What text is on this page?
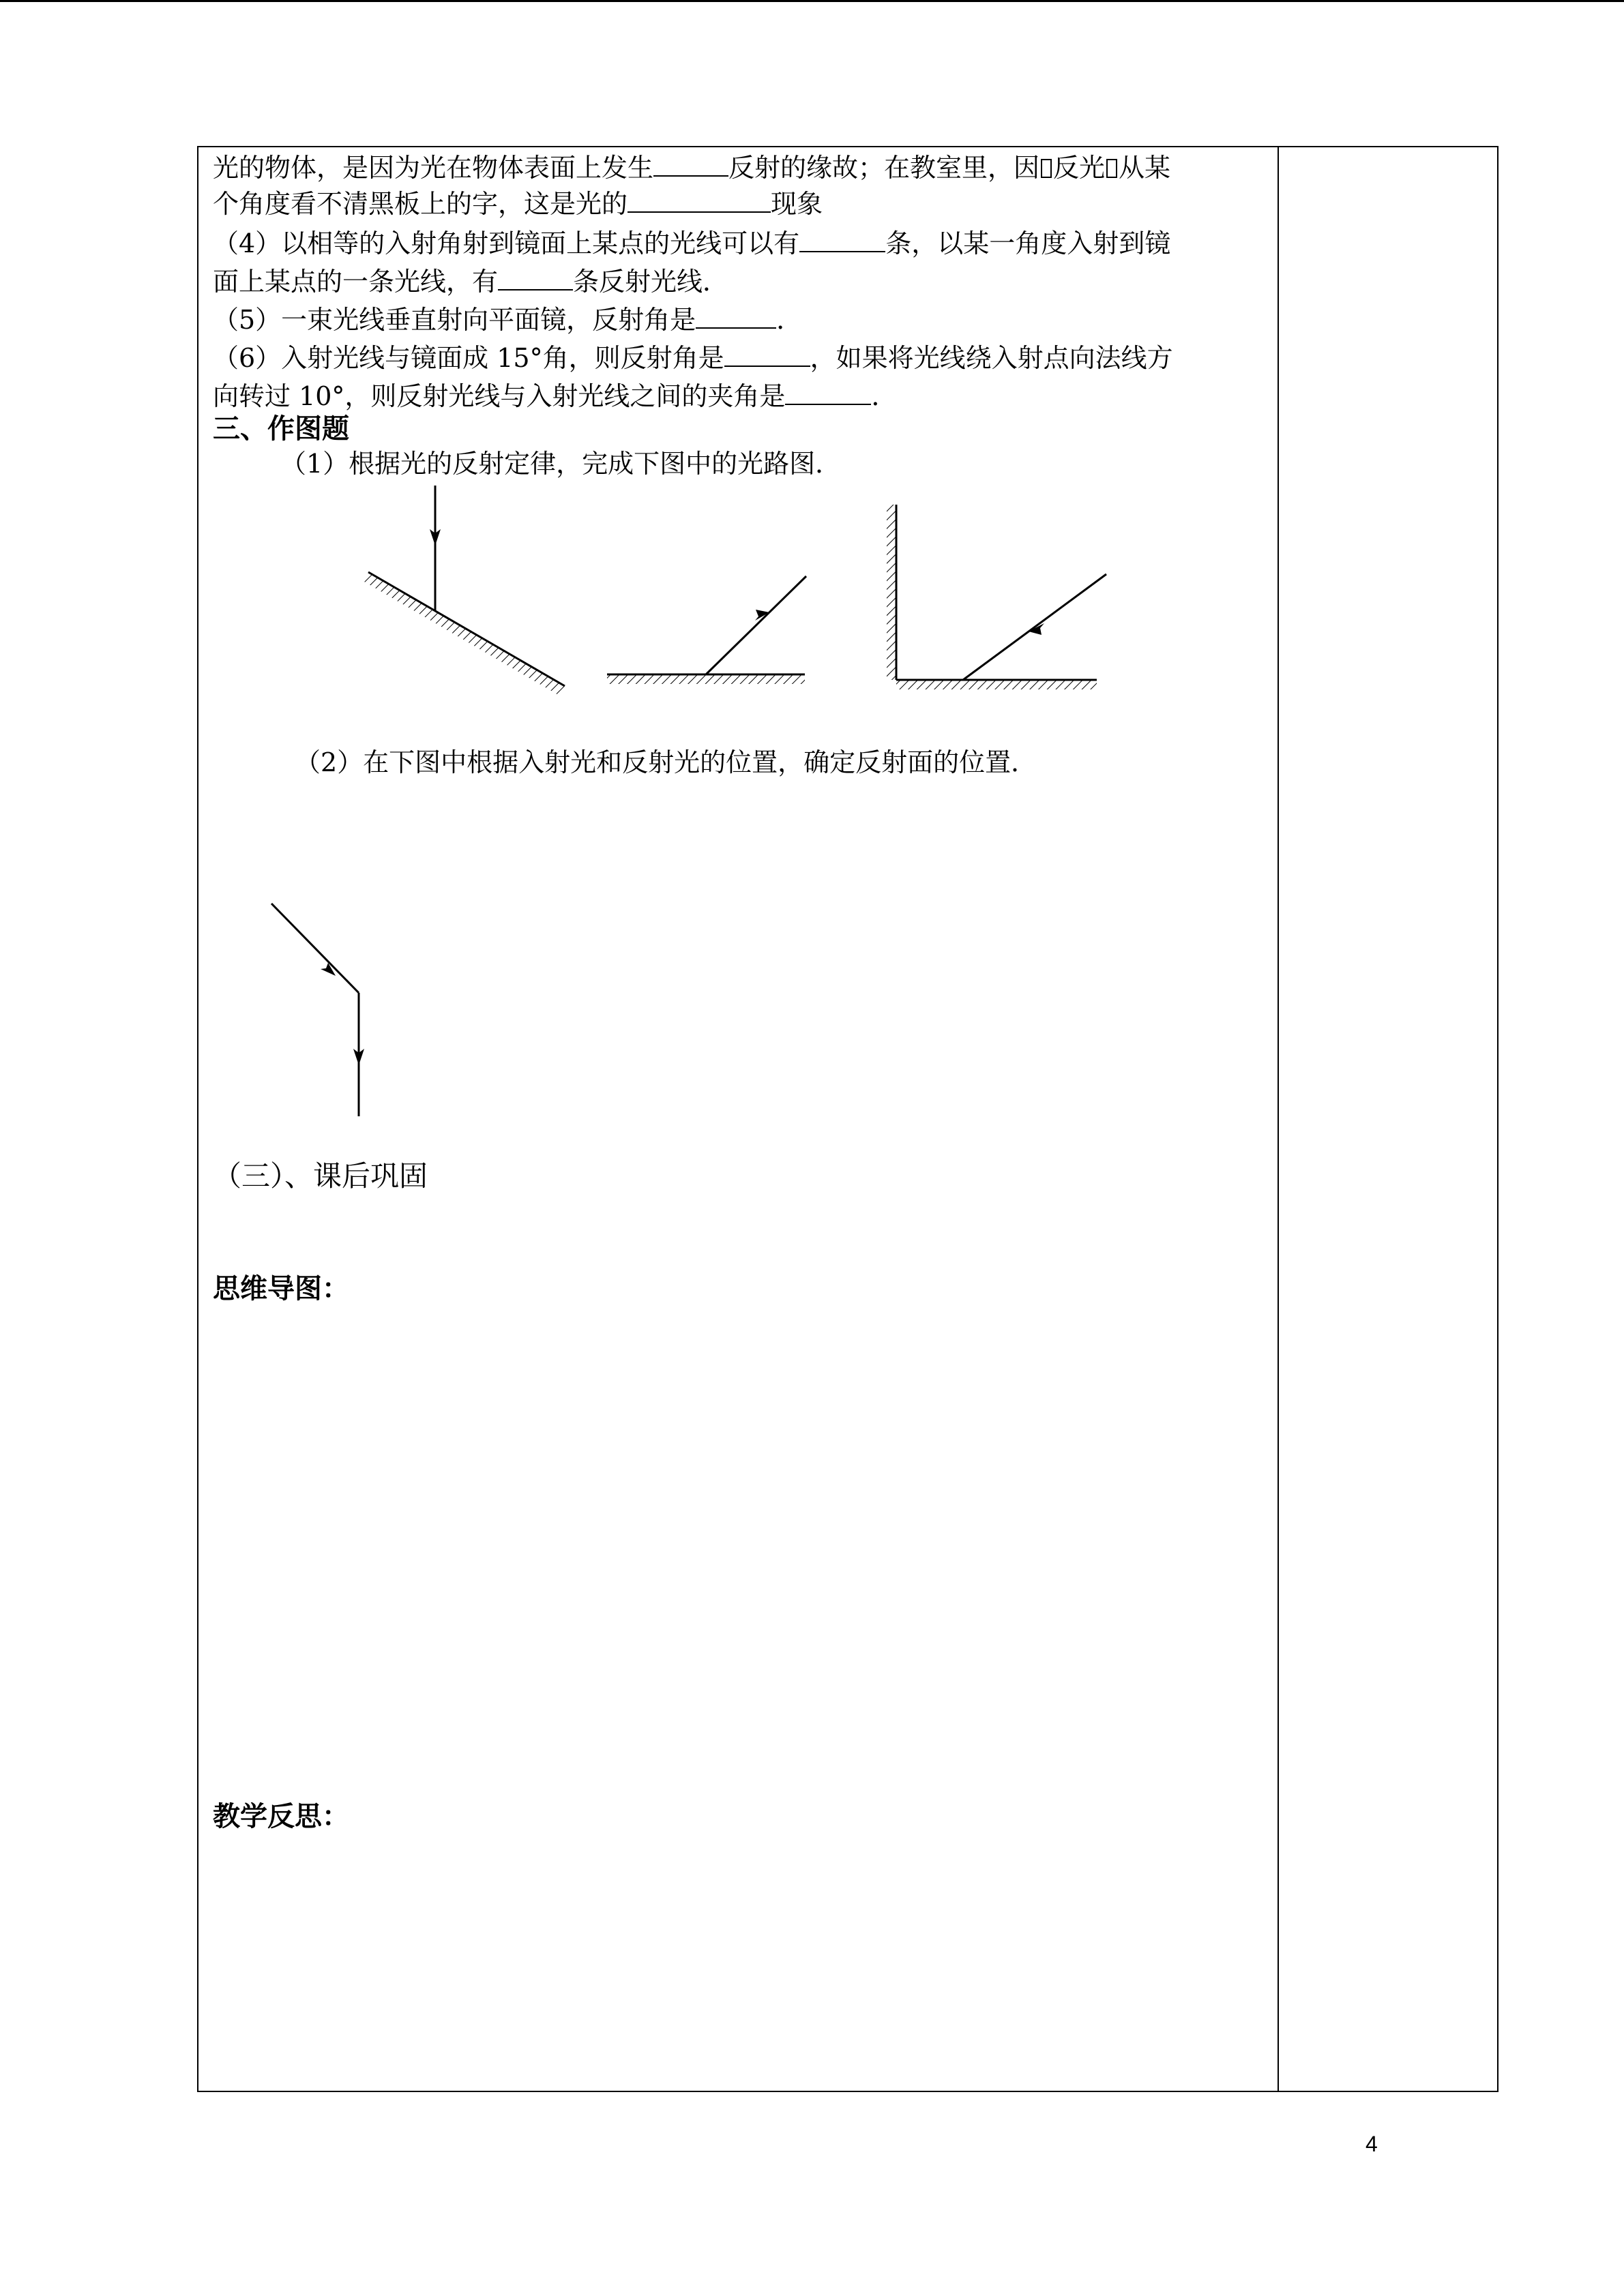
光的物体，是因为光在物体表面上发生	反射的缘故；在教室里，因 反光 从某
个角度看不清黑板上的字，这是光的	现象
（4）以相等的入射角射到镜面上某点的光线可以有	条，以某一角度入射到镜
面上某点的一条光线，有	条反射光线．
（5）一束光线垂直射向平面镜，反射角是	．
（6）入射光线与镜面成 15°角，则反射角是	，如果将光线绕入射点向法线方
向转过 10°，则反射光线与入射光线之间的夹角是	．
三、作图题
（1）根据光的反射定律，完成下图中的光路图．
（2）在下图中根据入射光和反射光的位置，确定反射面的位置．
（三）、课后巩固
思维导图：
教学反思：
4
